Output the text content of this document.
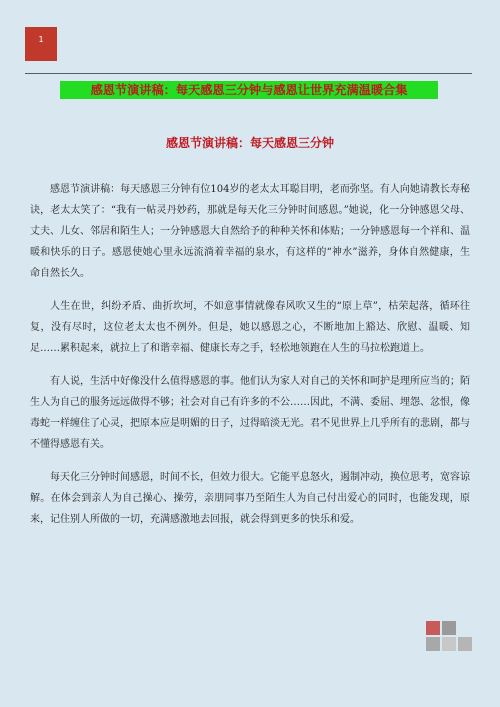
1
感恩节演讲稿：每天感恩三分钟与感恩让世界充满温暖合集
感恩节演讲稿：每天感恩三分钟

感恩节演讲稿：每天感恩三分钟有位104岁的老太太耳聪目明，老而弥坚。有人向她请教长寿秘诀，老太太笑了：“我有一帖灵丹妙药，那就是每天化三分钟时间感恩。”她说，化一分钟感恩父母、丈夫、儿女、邻居和陌生人；一分钟感恩大自然给予的种种关怀和体贴；一分钟感恩每一个祥和、温暖和快乐的日子。感恩使她心里永远流淌着幸福的泉水，有这样的“神水”滋养，身体自然健康，生命自然长久。

人生在世，纠纷矛盾、曲折坎坷，不如意事情就像春风吹又生的“原上草”，枯荣起落，循环往复，没有尽时，这位老太太也不例外。但是，她以感恩之心，不断地加上豁达、欣慰、温暖、知足……累积起来，就拉上了和谐幸福、健康长寿之手，轻松地领跑在人生的马拉松跑道上。

有人说，生活中好像没什么值得感恩的事。他们认为家人对自己的关怀和呵护是理所应当的；陌生人为自己的服务远远做得不够；社会对自己有许多的不公……因此，不满、委屈、埋怨、忿恨，像毒蛇一样缠住了心灵，把原本应是明媚的日子，过得暗淡无光。君不见世界上几乎所有的悲剧，都与不懂得感恩有关。

每天化三分钟时间感恩，时间不长，但效力很大。它能平息怒火，遏制冲动，换位思考，宽容谅解。在体会到亲人为自己操心、操劳，亲朋同事乃至陌生人为自己付出爱心的同时，也能发现，原来，记住别人所做的一切，充满感激地去回报，就会得到更多的快乐和爱。
